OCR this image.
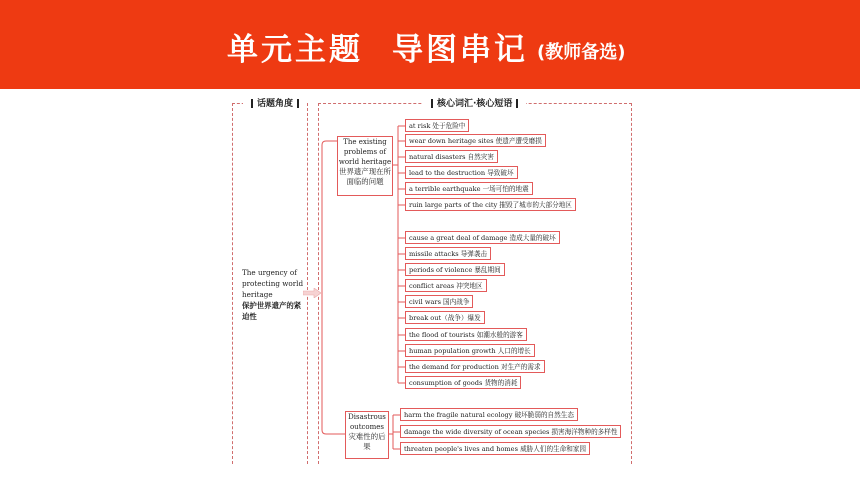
单元主题 导图串记 (教师备选)
话题角度	核心词汇·核心短语
The urgency of protecting world heritage
保护世界遗产的紧迫性
The existing problems of world heritage
世界遗产现在所面临的问题
Disastrous outcomes
灾难性的后果
at risk 处于危险中
wear down heritage sites 使遗产遭受磨损
natural disasters 自然灾害
lead to the destruction 导致破坏
a terrible earthquake 一场可怕的地震
ruin large parts of the city 摧毁了城市的大部分地区
cause a great deal of damage 造成大量的破坏
missile attacks 导弹袭击
periods of violence 暴乱期间
conflict areas 冲突地区
civil wars 国内战争
break out（战争）爆发
the flood of tourists 如潮水般的游客
human population growth 人口的增长
the demand for production 对生产的需求
consumption of goods 货物的消耗
harm the fragile natural ecology 破坏脆弱的自然生态
damage the wide diversity of ocean species 损害海洋物种的多样性
threaten people's lives and homes 威胁人们的生命和家园
